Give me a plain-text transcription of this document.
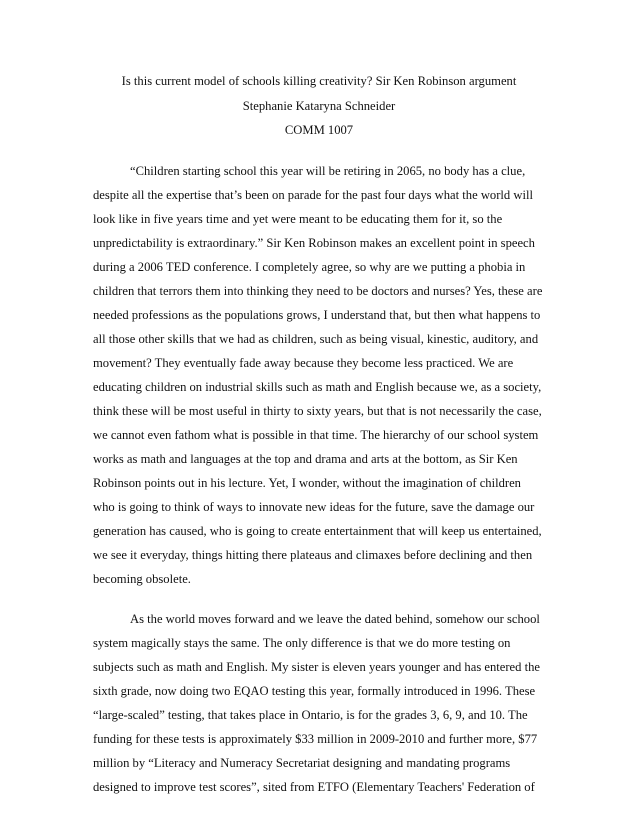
Is this current model of schools killing creativity? Sir Ken Robinson argument
Stephanie Kataryna Schneider
COMM 1007
“Children starting school this year will be retiring in 2065, no body has a clue,
despite all the expertise that’s been on parade for the past four days what the world will
look like in five years time and yet were meant to be educating them for it, so the
unpredictability is extraordinary.” Sir Ken Robinson makes an excellent point in speech
during a 2006 TED conference. I completely agree, so why are we putting a phobia in
children that terrors them into thinking they need to be doctors and nurses? Yes, these are
needed professions as the populations grows, I understand that, but then what happens to
all those other skills that we had as children, such as being visual, kinestic, auditory, and
movement? They eventually fade away because they become less practiced. We are
educating children on industrial skills such as math and English because we, as a society,
think these will be most useful in thirty to sixty years, but that is not necessarily the case,
we cannot even fathom what is possible in that time. The hierarchy of our school system
works as math and languages at the top and drama and arts at the bottom, as Sir Ken
Robinson points out in his lecture. Yet, I wonder, without the imagination of children
who is going to think of ways to innovate new ideas for the future, save the damage our
generation has caused, who is going to create entertainment that will keep us entertained,
we see it everyday, things hitting there plateaus and climaxes before declining and then
becoming obsolete.
As the world moves forward and we leave the dated behind, somehow our school
system magically stays the same. The only difference is that we do more testing on
subjects such as math and English. My sister is eleven years younger and has entered the
sixth grade, now doing two EQAO testing this year, formally introduced in 1996. These
“large-scaled” testing, that takes place in Ontario, is for the grades 3, 6, 9, and 10. The
funding for these tests is approximately $33 million in 2009-2010 and further more, $77
million by “Literacy and Numeracy Secretariat designing and mandating programs
designed to improve test scores”, sited from ETFO (Elementary Teachers' Federation of
